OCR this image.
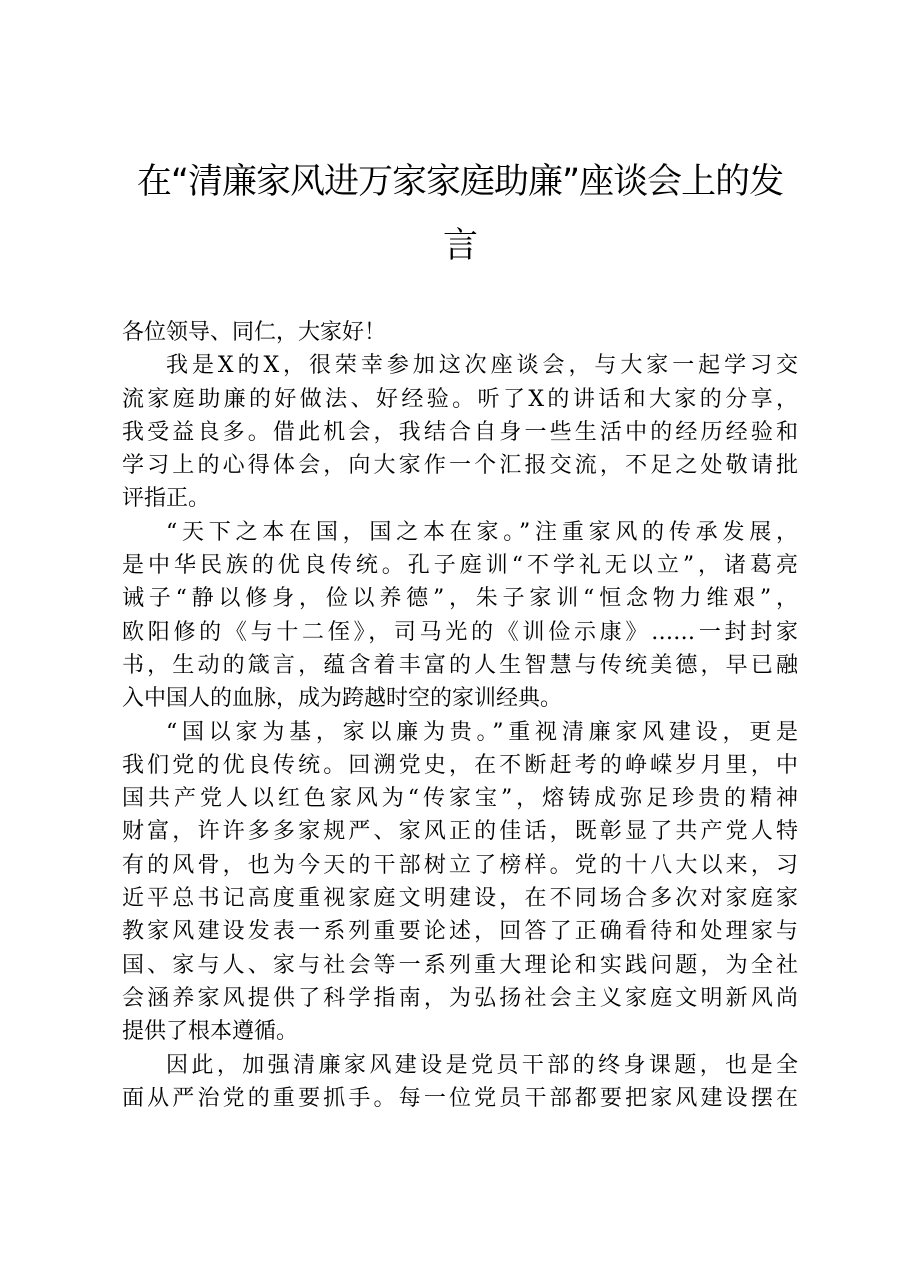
在“清廉家风进万家家庭助廉”座谈会上的发
言

各位领导、同仁，大家好！

我是X的X，很荣幸参加这次座谈会，与大家一起学习交
流家庭助廉的好做法、好经验。听了X的讲话和大家的分享，
我受益良多。借此机会，我结合自身一些生活中的经历经验和
学习上的心得体会，向大家作一个汇报交流，不足之处敬请批
评指正。

“天下之本在国，国之本在家。”注重家风的传承发展，
是中华民族的优良传统。孔子庭训“不学礼无以立”，诸葛亮
诫子“静以修身，俭以养德”，朱子家训“恒念物力维艰”，
欧阳修的《与十二侄》，司马光的《训俭示康》……一封封家
书，生动的箴言，蕴含着丰富的人生智慧与传统美德，早已融
入中国人的血脉，成为跨越时空的家训经典。

“国以家为基，家以廉为贵。”重视清廉家风建设，更是
我们党的优良传统。回溯党史，在不断赶考的峥嵘岁月里，中
国共产党人以红色家风为“传家宝”，熔铸成弥足珍贵的精神
财富，许许多多家规严、家风正的佳话，既彰显了共产党人特
有的风骨，也为今天的干部树立了榜样。党的十八大以来，习
近平总书记高度重视家庭文明建设，在不同场合多次对家庭家
教家风建设发表一系列重要论述，回答了正确看待和处理家与
国、家与人、家与社会等一系列重大理论和实践问题，为全社
会涵养家风提供了科学指南，为弘扬社会主义家庭文明新风尚
提供了根本遵循。

因此，加强清廉家风建设是党员干部的终身课题，也是全
面从严治党的重要抓手。每一位党员干部都要把家风建设摆在
